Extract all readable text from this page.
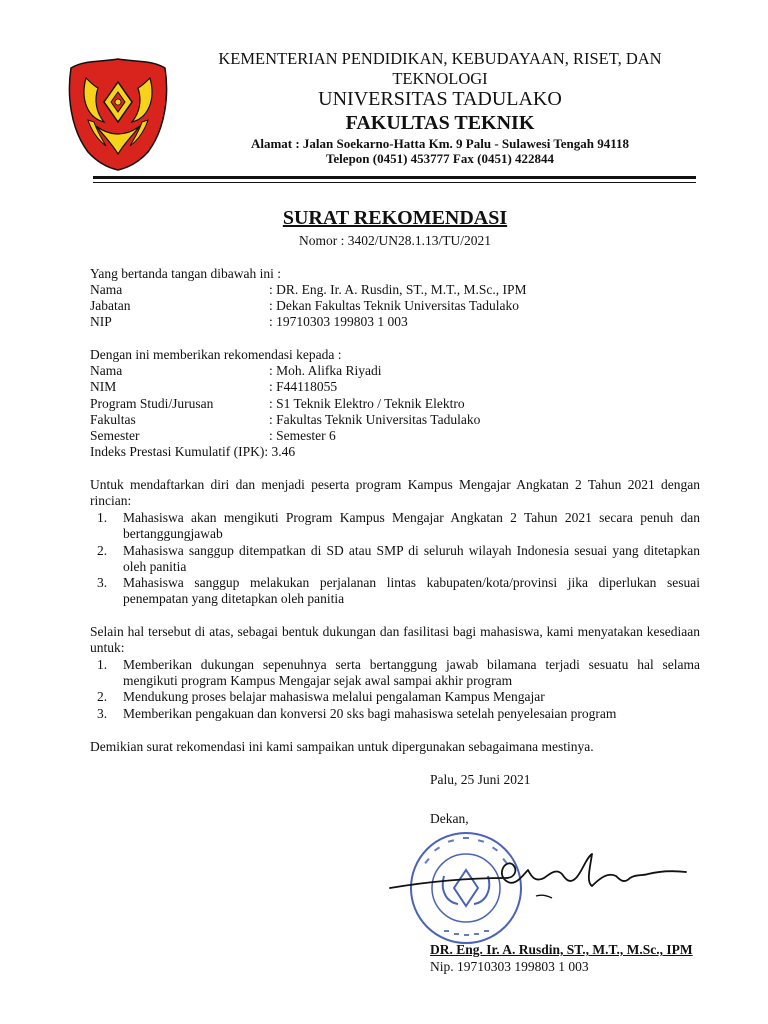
KEMENTERIAN PENDIDIKAN, KEBUDAYAAN, RISET, DAN TEKNOLOGI
UNIVERSITAS TADULAKO
FAKULTAS TEKNIK
Alamat : Jalan Soekarno-Hatta Km. 9 Palu - Sulawesi Tengah 94118
Telepon (0451) 453777 Fax (0451) 422844
SURAT REKOMENDASI
Nomor : 3402/UN28.1.13/TU/2021
Yang bertanda tangan dibawah ini :
Nama	: DR. Eng. Ir. A. Rusdin, ST., M.T., M.Sc., IPM
Jabatan	: Dekan Fakultas Teknik Universitas Tadulako
NIP	: 19710303 199803 1 003
Dengan ini memberikan rekomendasi kepada :
Nama	: Moh. Alifka Riyadi
NIM	: F44118055
Program Studi/Jurusan	: S1 Teknik Elektro / Teknik Elektro
Fakultas	: Fakultas Teknik Universitas Tadulako
Semester	: Semester 6
Indeks Prestasi Kumulatif (IPK): 3.46
Untuk mendaftarkan diri dan menjadi peserta program Kampus Mengajar Angkatan 2 Tahun 2021 dengan rincian:
1. Mahasiswa akan mengikuti Program Kampus Mengajar Angkatan 2 Tahun 2021 secara penuh dan bertanggungjawab
2. Mahasiswa sanggup ditempatkan di SD atau SMP di seluruh wilayah Indonesia sesuai yang ditetapkan oleh panitia
3. Mahasiswa sanggup melakukan perjalanan lintas kabupaten/kota/provinsi jika diperlukan sesuai penempatan yang ditetapkan oleh panitia
Selain hal tersebut di atas, sebagai bentuk dukungan dan fasilitasi bagi mahasiswa, kami menyatakan kesediaan untuk:
1. Memberikan dukungan sepenuhnya serta bertanggung jawab bilamana terjadi sesuatu hal selama mengikuti program Kampus Mengajar sejak awal sampai akhir program
2. Mendukung proses belajar mahasiswa melalui pengalaman Kampus Mengajar
3. Memberikan pengakuan dan konversi 20 sks bagi mahasiswa setelah penyelesaian program
Demikian surat rekomendasi ini kami sampaikan untuk dipergunakan sebagaimana mestinya.
Palu, 25 Juni 2021
Dekan,
DR. Eng. Ir. A. Rusdin, ST., M.T., M.Sc., IPM
Nip. 19710303 199803 1 003
